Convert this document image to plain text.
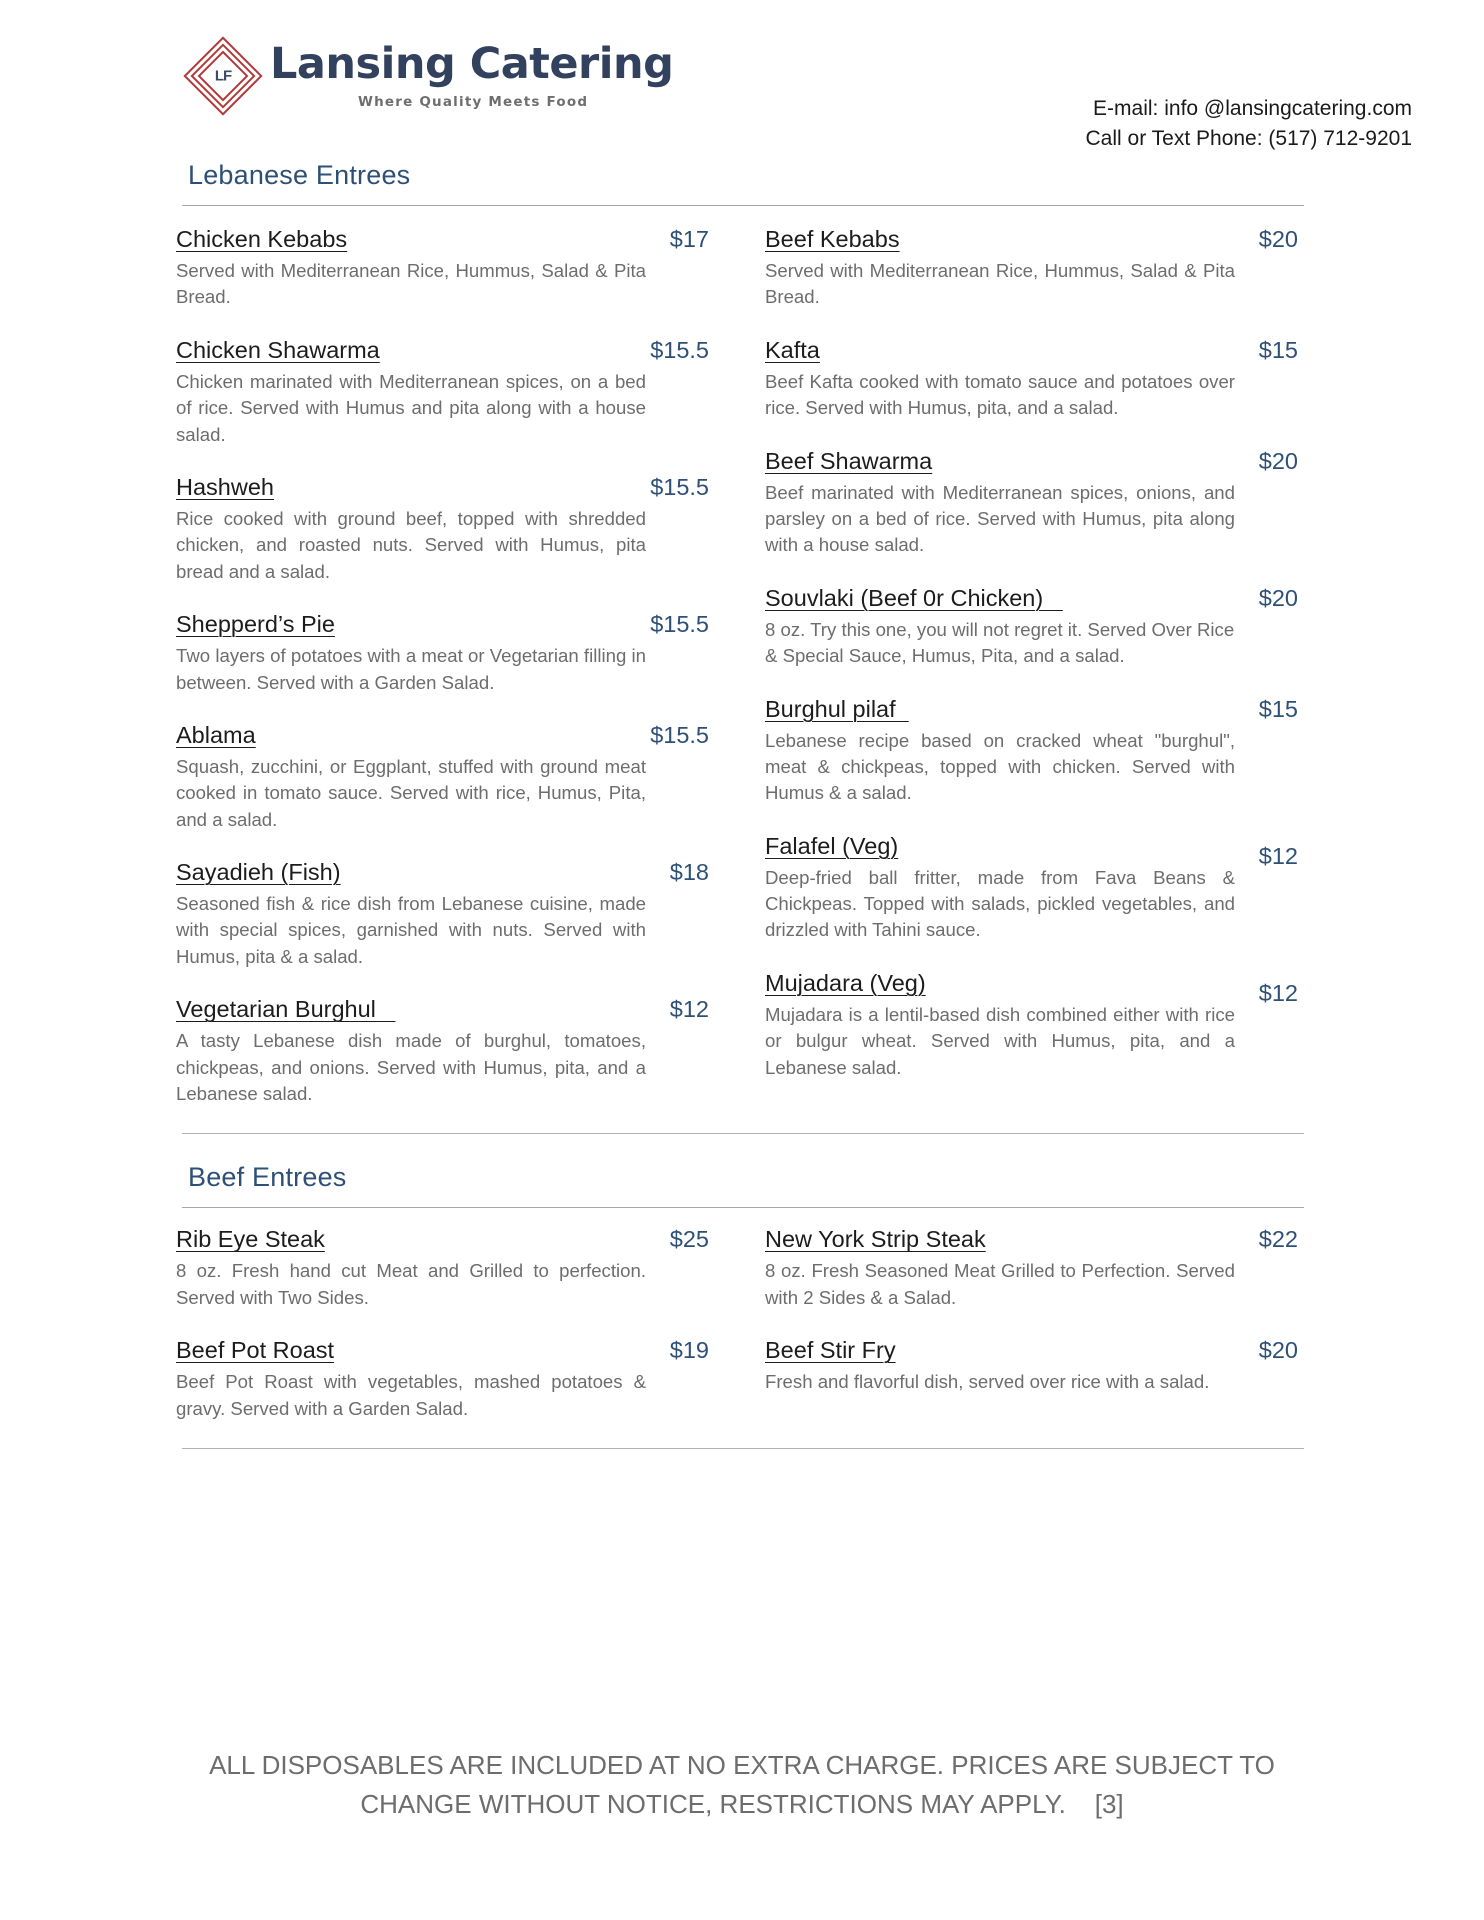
LF Lansing Catering
Where Quality Meets Food	E-mail: info @lansingcatering.com
Call or Text Phone: (517) 712-9201
Lebanese Entrees
Chicken Kebabs	$17
Served with Mediterranean Rice, Hummus, Salad & Pita Bread.
Chicken Shawarma	$15.5
Chicken marinated with Mediterranean spices, on a bed of rice. Served with Humus and pita along with a house salad.
Hashweh	$15.5
Rice cooked with ground beef, topped with shredded chicken, and roasted nuts. Served with Humus, pita bread and a salad.
Shepperd’s Pie	$15.5
Two layers of potatoes with a meat or Vegetarian filling in between. Served with a Garden Salad.
Ablama	$15.5
Squash, zucchini, or Eggplant, stuffed with ground meat cooked in tomato sauce. Served with rice, Humus, Pita, and a salad.
Sayadieh (Fish)	$18
Seasoned fish & rice dish from Lebanese cuisine, made with special spices, garnished with nuts. Served with Humus, pita & a salad.
Vegetarian Burghul	$12
A tasty Lebanese dish made of burghul, tomatoes, chickpeas, and onions. Served with Humus, pita, and a Lebanese salad.
Beef Kebabs	$20
Served with Mediterranean Rice, Hummus, Salad & Pita Bread.
Kafta	$15
Beef Kafta cooked with tomato sauce and potatoes over rice. Served with Humus, pita, and a salad.
Beef Shawarma	$20
Beef marinated with Mediterranean spices, onions, and parsley on a bed of rice. Served with Humus, pita along with a house salad.
Souvlaki (Beef 0r Chicken)	$20
8 oz. Try this one, you will not regret it. Served Over Rice & Special Sauce, Humus, Pita, and a salad.
Burghul pilaf	$15
Lebanese recipe based on cracked wheat "burghul", meat & chickpeas, topped with chicken. Served with Humus & a salad.
Falafel (Veg)	$12
Deep-fried ball fritter, made from Fava Beans & Chickpeas. Topped with salads, pickled vegetables, and drizzled with Tahini sauce.
Mujadara (Veg)	$12
Mujadara is a lentil-based dish combined either with rice or bulgur wheat. Served with Humus, pita, and a Lebanese salad.
Beef Entrees
Rib Eye Steak	$25
8 oz. Fresh hand cut Meat and Grilled to perfection. Served with Two Sides.
Beef Pot Roast	$19
Beef Pot Roast with vegetables, mashed potatoes & gravy. Served with a Garden Salad.
New York Strip Steak	$22
8 oz. Fresh Seasoned Meat Grilled to Perfection. Served with 2 Sides & a Salad.
Beef Stir Fry	$20
Fresh and flavorful dish, served over rice with a salad.
ALL DISPOSABLES ARE INCLUDED AT NO EXTRA CHARGE. PRICES ARE SUBJECT TO
CHANGE WITHOUT NOTICE, RESTRICTIONS MAY APPLY.    [3]
